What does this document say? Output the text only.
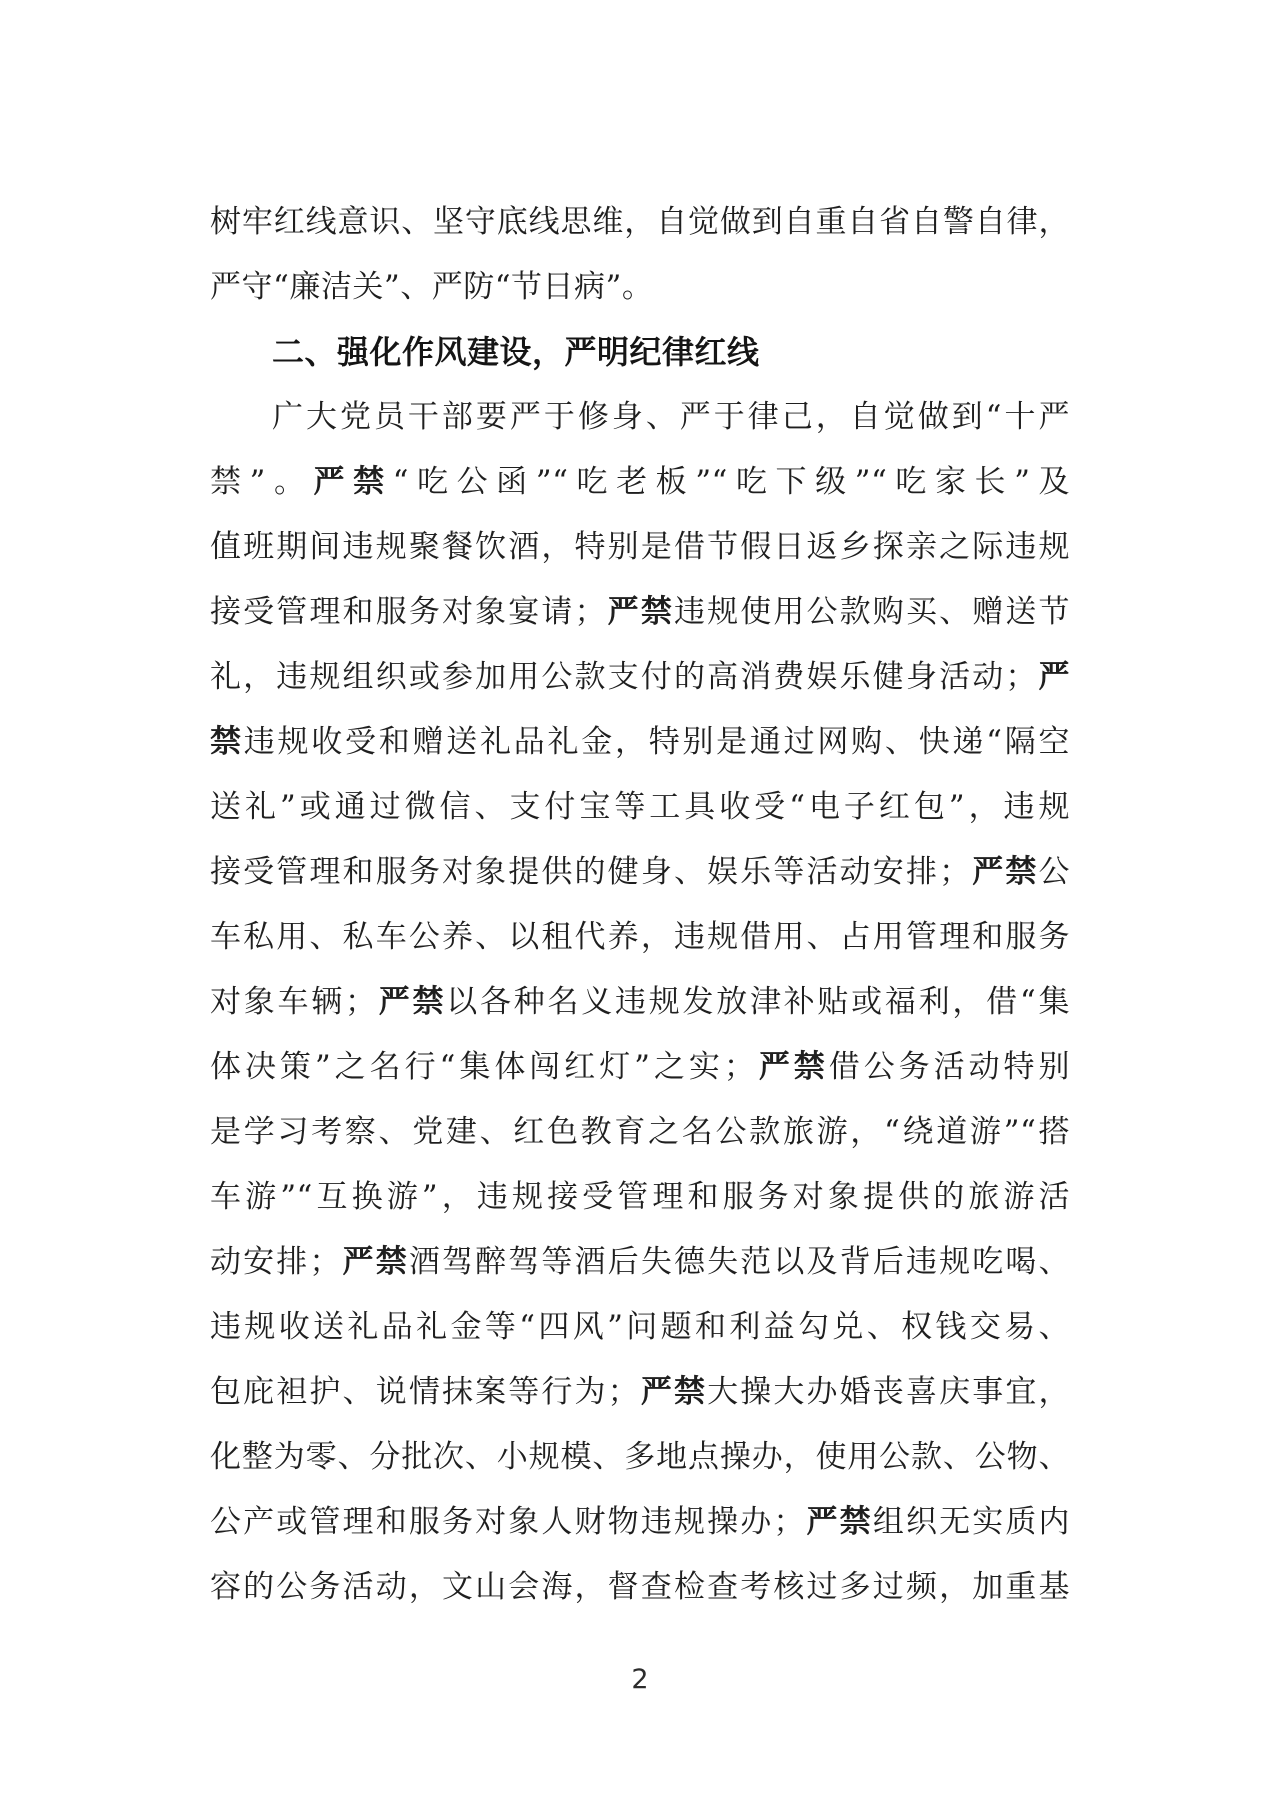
树牢红线意识、坚守底线思维，自觉做到自重自省自警自律，
严守“廉洁关”、严防“节日病”。
二、强化作风建设，严明纪律红线
广大党员干部要严于修身、严于律己，自觉做到“十严
禁”。严禁“吃公函”“吃老板”“吃下级”“吃家长”及
值班期间违规聚餐饮酒，特别是借节假日返乡探亲之际违规
接受管理和服务对象宴请；严禁违规使用公款购买、赠送节
礼，违规组织或参加用公款支付的高消费娱乐健身活动；严
禁违规收受和赠送礼品礼金，特别是通过网购、快递“隔空
送礼”或通过微信、支付宝等工具收受“电子红包”，违规
接受管理和服务对象提供的健身、娱乐等活动安排；严禁公
车私用、私车公养、以租代养，违规借用、占用管理和服务
对象车辆；严禁以各种名义违规发放津补贴或福利，借“集
体决策”之名行“集体闯红灯”之实；严禁借公务活动特别
是学习考察、党建、红色教育之名公款旅游，“绕道游”“搭
车游”“互换游”，违规接受管理和服务对象提供的旅游活
动安排；严禁酒驾醉驾等酒后失德失范以及背后违规吃喝、
违规收送礼品礼金等“四风”问题和利益勾兑、权钱交易、
包庇袒护、说情抹案等行为；严禁大操大办婚丧喜庆事宜，
化整为零、分批次、小规模、多地点操办，使用公款、公物、
公产或管理和服务对象人财物违规操办；严禁组织无实质内
容的公务活动，文山会海，督查检查考核过多过频，加重基
2
